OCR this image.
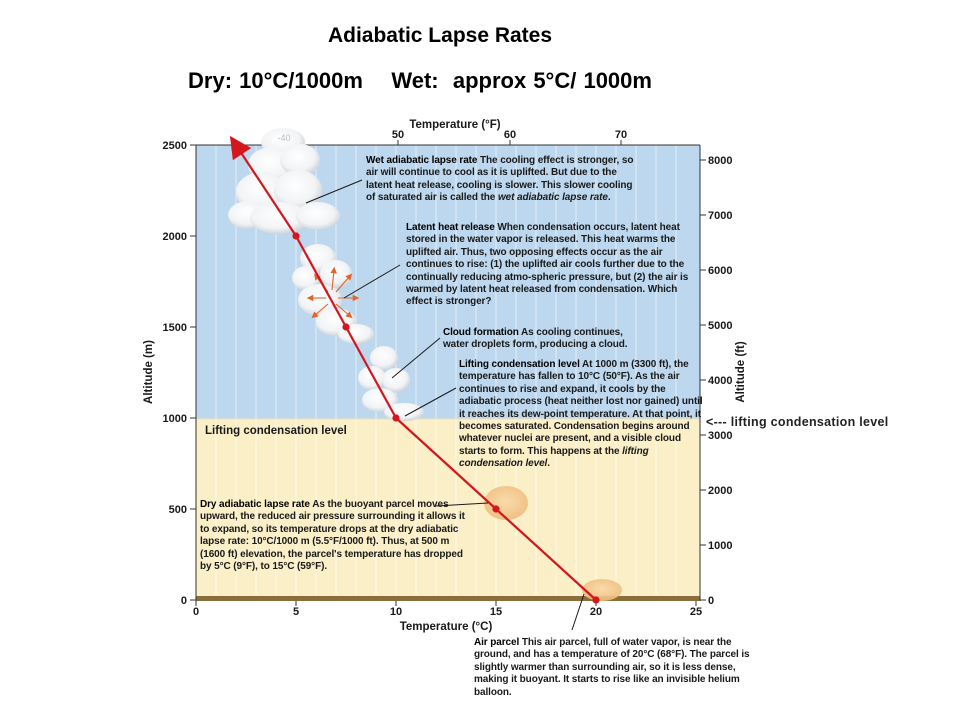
Adiabatic Lapse Rates
Dry: 10°C/1000m    Wet:  approx 5°C/ 1000m
2500
2000
1500
1000
500
0
8000
7000
6000
5000
4000
3000
2000
1000
0
0	5	10	15	20	25
50	60	70
Temperature (°F)
Temperature (°C)
Altitude (m)	Altitude (ft)
-40
Lifting condensation level
<--- lifting condensation level
Wet adiabatic lapse rate The cooling effect is stronger, so air will continue to cool as it is uplifted. But due to the latent heat release, cooling is slower. This slower cooling of saturated air is called the wet adiabatic lapse rate.
Latent heat release When condensation occurs, latent heat stored in the water vapor is released. This heat warms the uplifted air. Thus, two opposing effects occur as the air continues to rise: (1) the uplifted air cools further due to the continually reducing atmo-spheric pressure, but (2) the air is warmed by latent heat released from condensation. Which effect is stronger?
Cloud formation As cooling continues, water droplets form, producing a cloud.
Lifting condensation level At 1000 m (3300 ft), the temperature has fallen to 10°C (50°F). As the air continues to rise and expand, it cools by the adiabatic process (heat neither lost nor gained) until it reaches its dew-point temperature. At that point, it becomes saturated. Condensation begins around whatever nuclei are present, and a visible cloud starts to form. This happens at the lifting condensation level.
Dry adiabatic lapse rate As the buoyant parcel moves upward, the reduced air pressure surrounding it allows it to expand, so its temperature drops at the dry adiabatic lapse rate: 10°C/1000 m (5.5°F/1000 ft). Thus, at 500 m (1600 ft) elevation, the parcel's temperature has dropped by 5°C (9°F), to 15°C (59°F).
Air parcel This air parcel, full of water vapor, is near the ground, and has a temperature of 20°C (68°F). The parcel is slightly warmer than surrounding air, so it is less dense, making it buoyant. It starts to rise like an invisible helium balloon.
